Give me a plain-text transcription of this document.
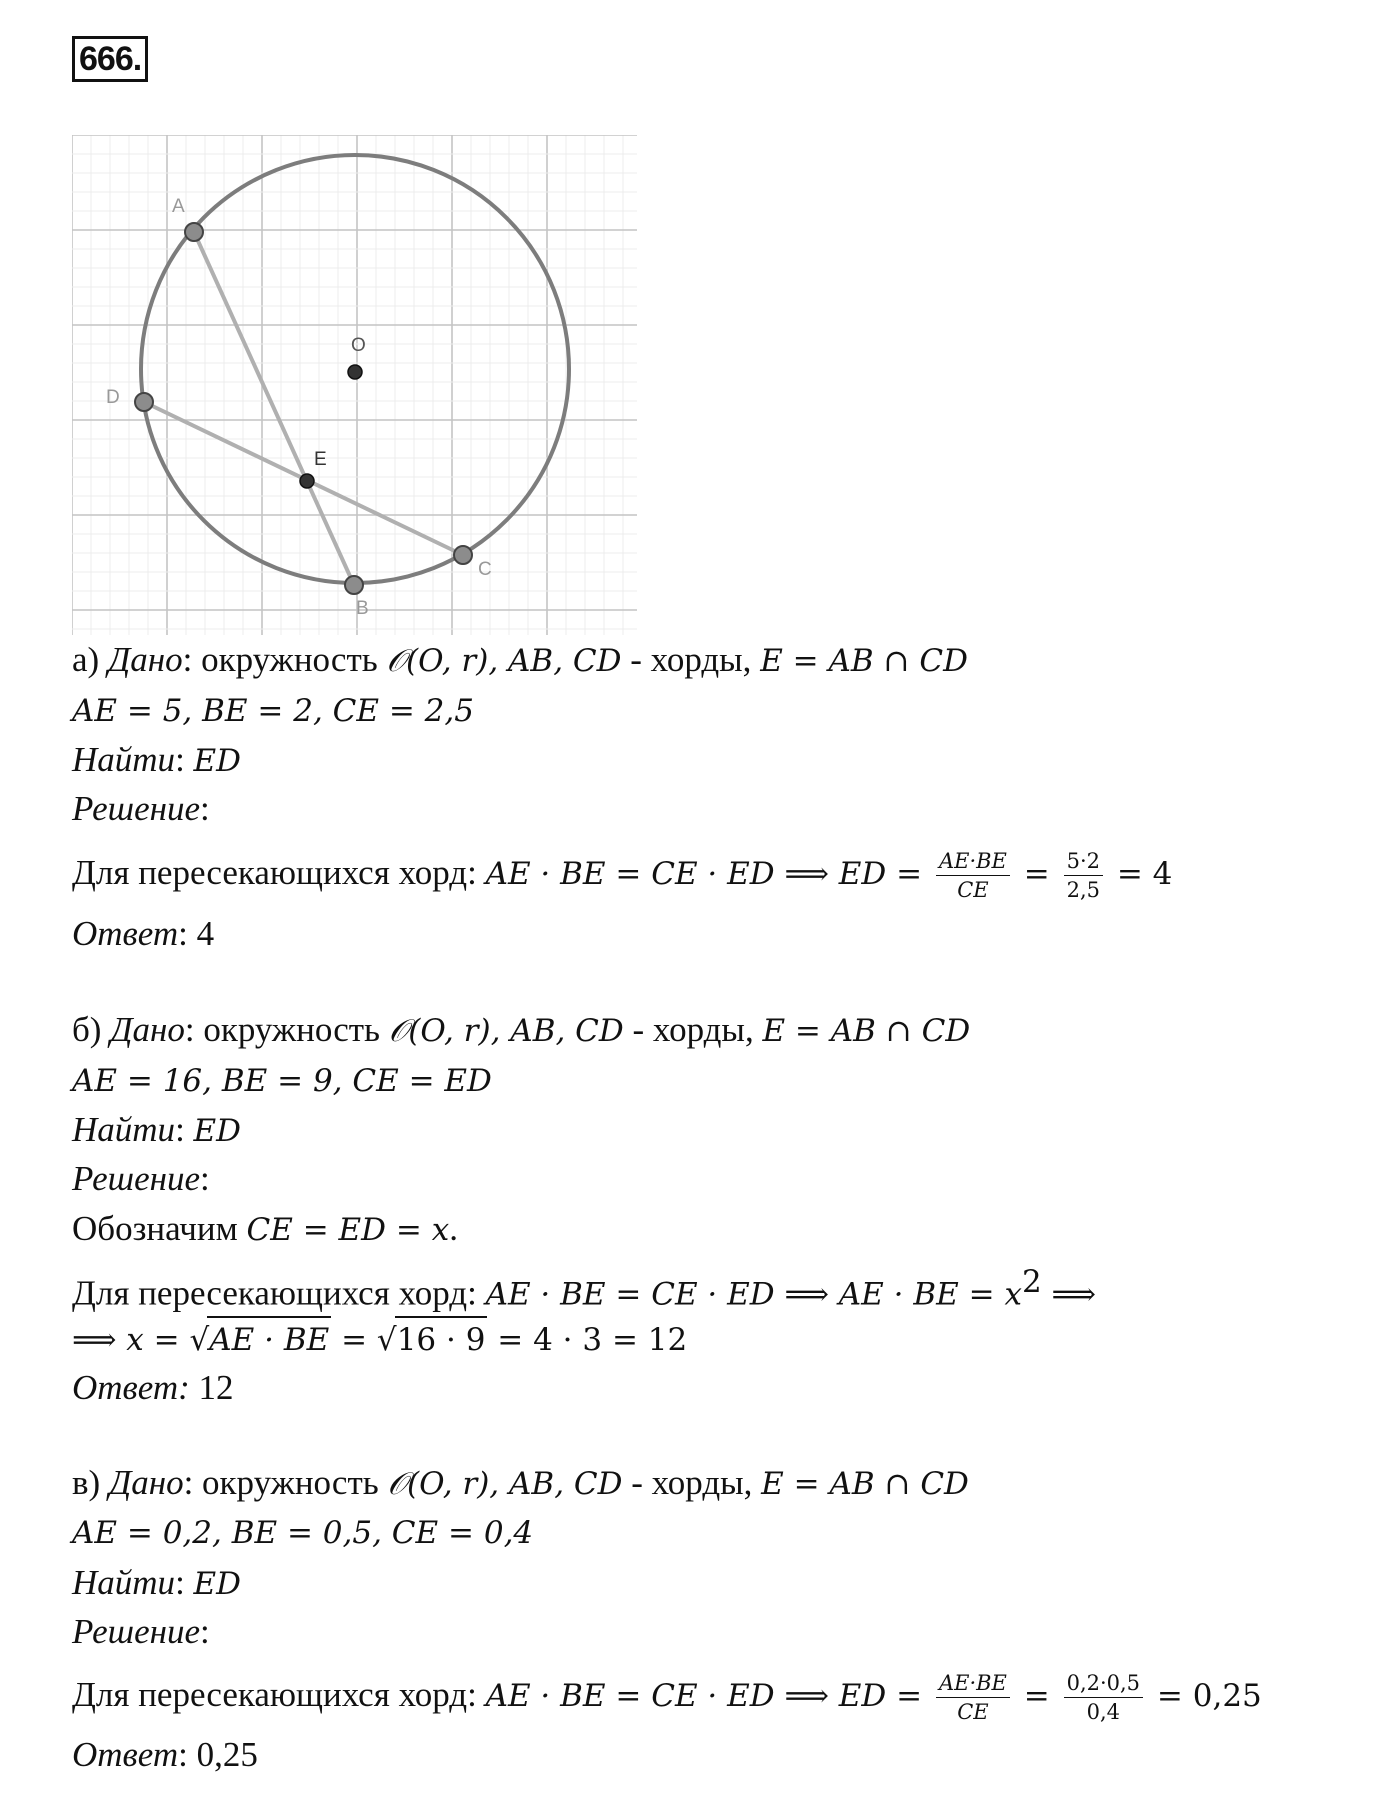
666.
A
D
O
E
C
B
а) Дано: окружность 𝒪(O, r), AB, CD - хорды, E = AB ∩ CD
AE = 5, BE = 2, CE = 2,5
Найти: ED
Решение:
Для пересекающихся хорд: AE · BE = CE · ED ⟹ ED = $\frac{AE\cdot BE}{CE} = \frac{5\cdot 2}{2,5} = 4$
Ответ: 4
б) Дано: окружность 𝒪(O, r), AB, CD - хорды, E = AB ∩ CD
AE = 16, BE = 9, CE = ED
Найти: ED
Решение:
Обозначим CE = ED = x.
Для пересекающихся хорд: AE · BE = CE · ED ⟹ AE · BE = $x^2$ ⟹
⟹ x = √AE · BE = √16 · 9 = 4 · 3 = 12
Ответ: 12
в) Дано: окружность 𝒪(O, r), AB, CD - хорды, E = AB ∩ CD
AE = 0,2, BE = 0,5, CE = 0,4
Найти: ED
Решение:
Для пересекающихся хорд: AE · BE = CE · ED ⟹ ED = $\frac{AE\cdot BE}{CE} = \frac{0,2\cdot 0,5}{0,4} = 0,25$
Ответ: 0,25
